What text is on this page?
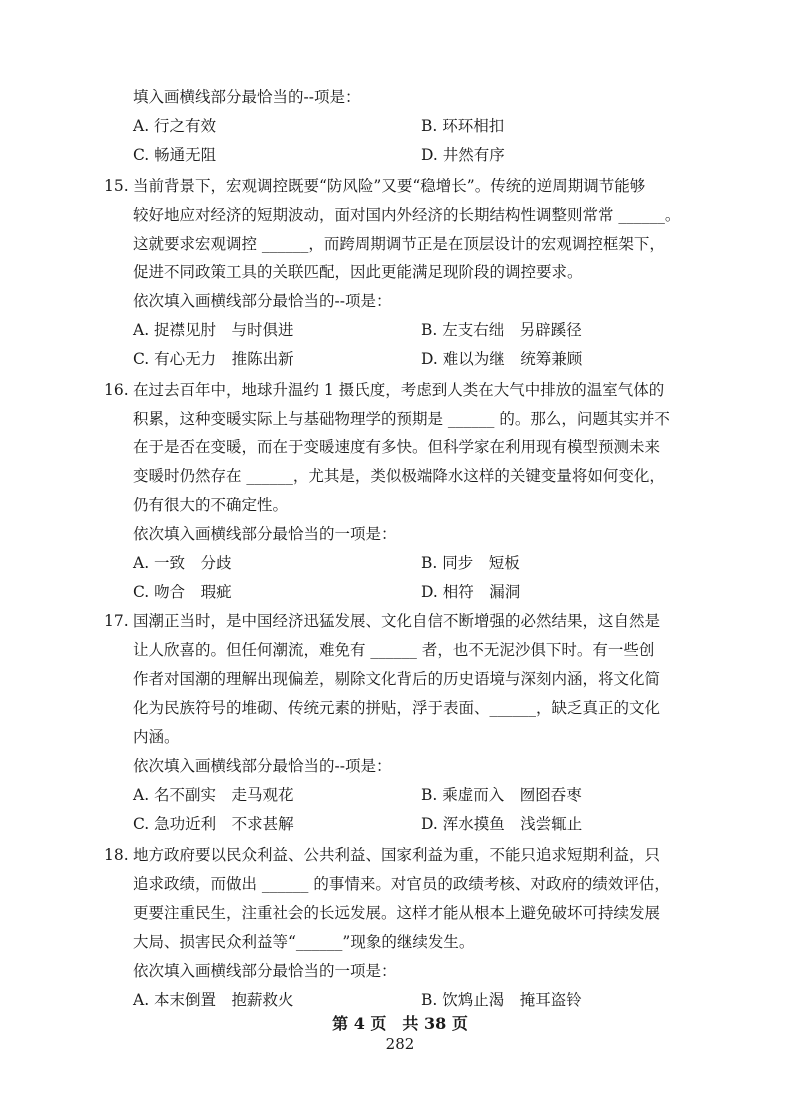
填入画横线部分最恰当的--项是：
A. 行之有效	B. 环环相扣
C. 畅通无阻	D. 井然有序
15. 当前背景下，宏观调控既要“防风险”又要“稳增长”。传统的逆周期调节能够
较好地应对经济的短期波动，面对国内外经济的长期结构性调整则常常 ______。
这就要求宏观调控 ______，而跨周期调节正是在顶层设计的宏观调控框架下，
促进不同政策工具的关联匹配，因此更能满足现阶段的调控要求。
依次填入画横线部分最恰当的--项是：
A. 捉襟见肘　与时俱进	B. 左支右绌　另辟蹊径
C. 有心无力　推陈出新	D. 难以为继　统筹兼顾
16. 在过去百年中，地球升温约 1 摄氏度，考虑到人类在大气中排放的温室气体的
积累，这种变暖实际上与基础物理学的预期是 ______ 的。那么，问题其实并不
在于是否在变暖，而在于变暖速度有多快。但科学家在利用现有模型预测未来
变暖时仍然存在 ______，尤其是，类似极端降水这样的关键变量将如何变化，
仍有很大的不确定性。
依次填入画横线部分最恰当的一项是：
A. 一致　分歧	B. 同步　短板
C. 吻合　瑕疵	D. 相符　漏洞
17. 国潮正当时，是中国经济迅猛发展、文化自信不断增强的必然结果，这自然是
让人欣喜的。但任何潮流，难免有 ______ 者，也不无泥沙俱下时。有一些创
作者对国潮的理解出现偏差，剔除文化背后的历史语境与深刻内涵，将文化简
化为民族符号的堆砌、传统元素的拼贴，浮于表面、______，缺乏真正的文化
内涵。
依次填入画横线部分最恰当的--项是：
A. 名不副实　走马观花	B. 乘虚而入　囫囵吞枣
C. 急功近利　不求甚解	D. 浑水摸鱼　浅尝辄止
18. 地方政府要以民众利益、公共利益、国家利益为重，不能只追求短期利益，只
追求政绩，而做出 ______ 的事情来。对官员的政绩考核、对政府的绩效评估，
更要注重民生，注重社会的长远发展。这样才能从根本上避免破坏可持续发展
大局、损害民众利益等“______”现象的继续发生。
依次填入画横线部分最恰当的一项是：
A. 本末倒置　抱薪救火	B. 饮鸩止渴　掩耳盗铃
第 4 页　共 38 页
282
